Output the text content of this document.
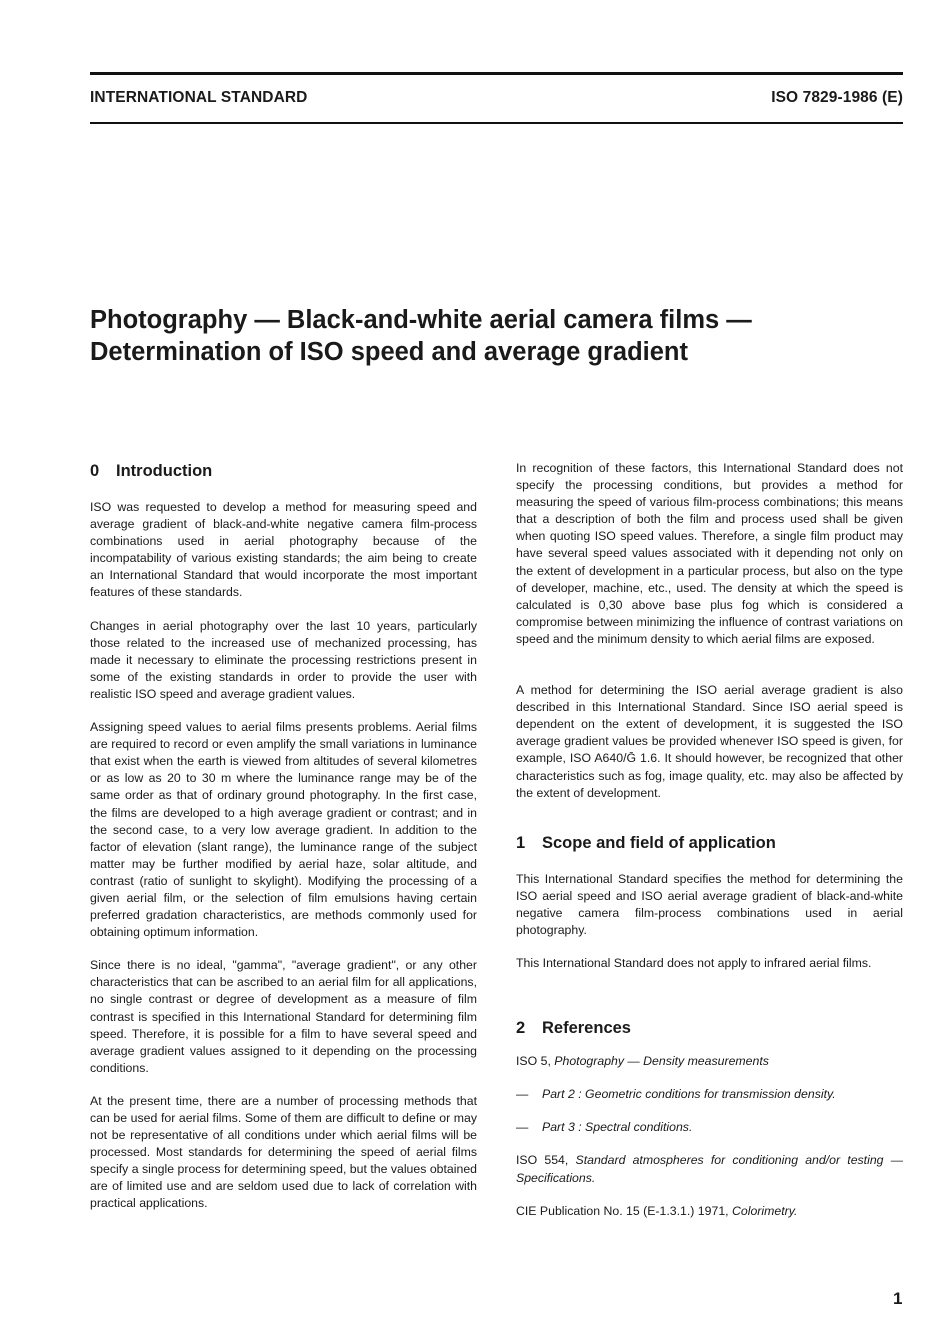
INTERNATIONAL STANDARD	ISO 7829-1986 (E)
Photography — Black-and-white aerial camera films —
Determination of ISO speed and average gradient
0 Introduction

ISO was requested to develop a method for measuring speed and average gradient of black-and-white negative camera film-process combinations used in aerial photography because of the incompatability of various existing standards; the aim being to create an International Standard that would incorporate the most important features of these standards.

Changes in aerial photography over the last 10 years, particularly those related to the increased use of mechanized processing, has made it necessary to eliminate the processing restrictions present in some of the existing standards in order to provide the user with realistic ISO speed and average gradient values.

Assigning speed values to aerial films presents problems. Aerial films are required to record or even amplify the small variations in luminance that exist when the earth is viewed from altitudes of several kilometres or as low as 20 to 30 m where the luminance range may be of the same order as that of ordinary ground photography. In the first case, the films are developed to a high average gradient or contrast; and in the second case, to a very low average gradient. In addition to the factor of elevation (slant range), the luminance range of the subject matter may be further modified by aerial haze, solar altitude, and contrast (ratio of sunlight to skylight). Modifying the processing of a given aerial film, or the selection of film emulsions having certain preferred gradation characteristics, are methods commonly used for obtaining optimum information.

Since there is no ideal, "gamma", "average gradient", or any other characteristics that can be ascribed to an aerial film for all applications, no single contrast or degree of development as a measure of film contrast is specified in this International Standard for determining film speed. Therefore, it is possible for a film to have several speed and average gradient values assigned to it depending on the processing conditions.

At the present time, there are a number of processing methods that can be used for aerial films. Some of them are difficult to define or may not be representative of all conditions under which aerial films will be processed. Most standards for determining the speed of aerial films specify a single process for determining speed, but the values obtained are of limited use and are seldom used due to lack of correlation with practical applications.

In recognition of these factors, this International Standard does not specify the processing conditions, but provides a method for measuring the speed of various film-process combinations; this means that a description of both the film and process used shall be given when quoting ISO speed values. Therefore, a single film product may have several speed values associated with it depending not only on the extent of development in a particular process, but also on the type of developer, machine, etc., used. The density at which the speed is calculated is 0,30 above base plus fog which is considered a compromise between minimizing the influence of contrast variations on speed and the minimum density to which aerial films are exposed.

A method for determining the ISO aerial average gradient is also described in this International Standard. Since ISO aerial speed is dependent on the extent of development, it is suggested the ISO average gradient values be provided whenever ISO speed is given, for example, ISO A640/Ḡ 1.6. It should however, be recognized that other characteristics such as fog, image quality, etc. may also be affected by the extent of development.

1 Scope and field of application

This International Standard specifies the method for determining the ISO aerial speed and ISO aerial average gradient of black-and-white negative camera film-process combinations used in aerial photography.

This International Standard does not apply to infrared aerial films.

2 References

ISO 5, Photography — Density measurements

— Part 2 : Geometric conditions for transmission density.

— Part 3 : Spectral conditions.

ISO 554, Standard atmospheres for conditioning and/or testing — Specifications.

CIE Publication No. 15 (E-1.3.1.) 1971, Colorimetry.

1
